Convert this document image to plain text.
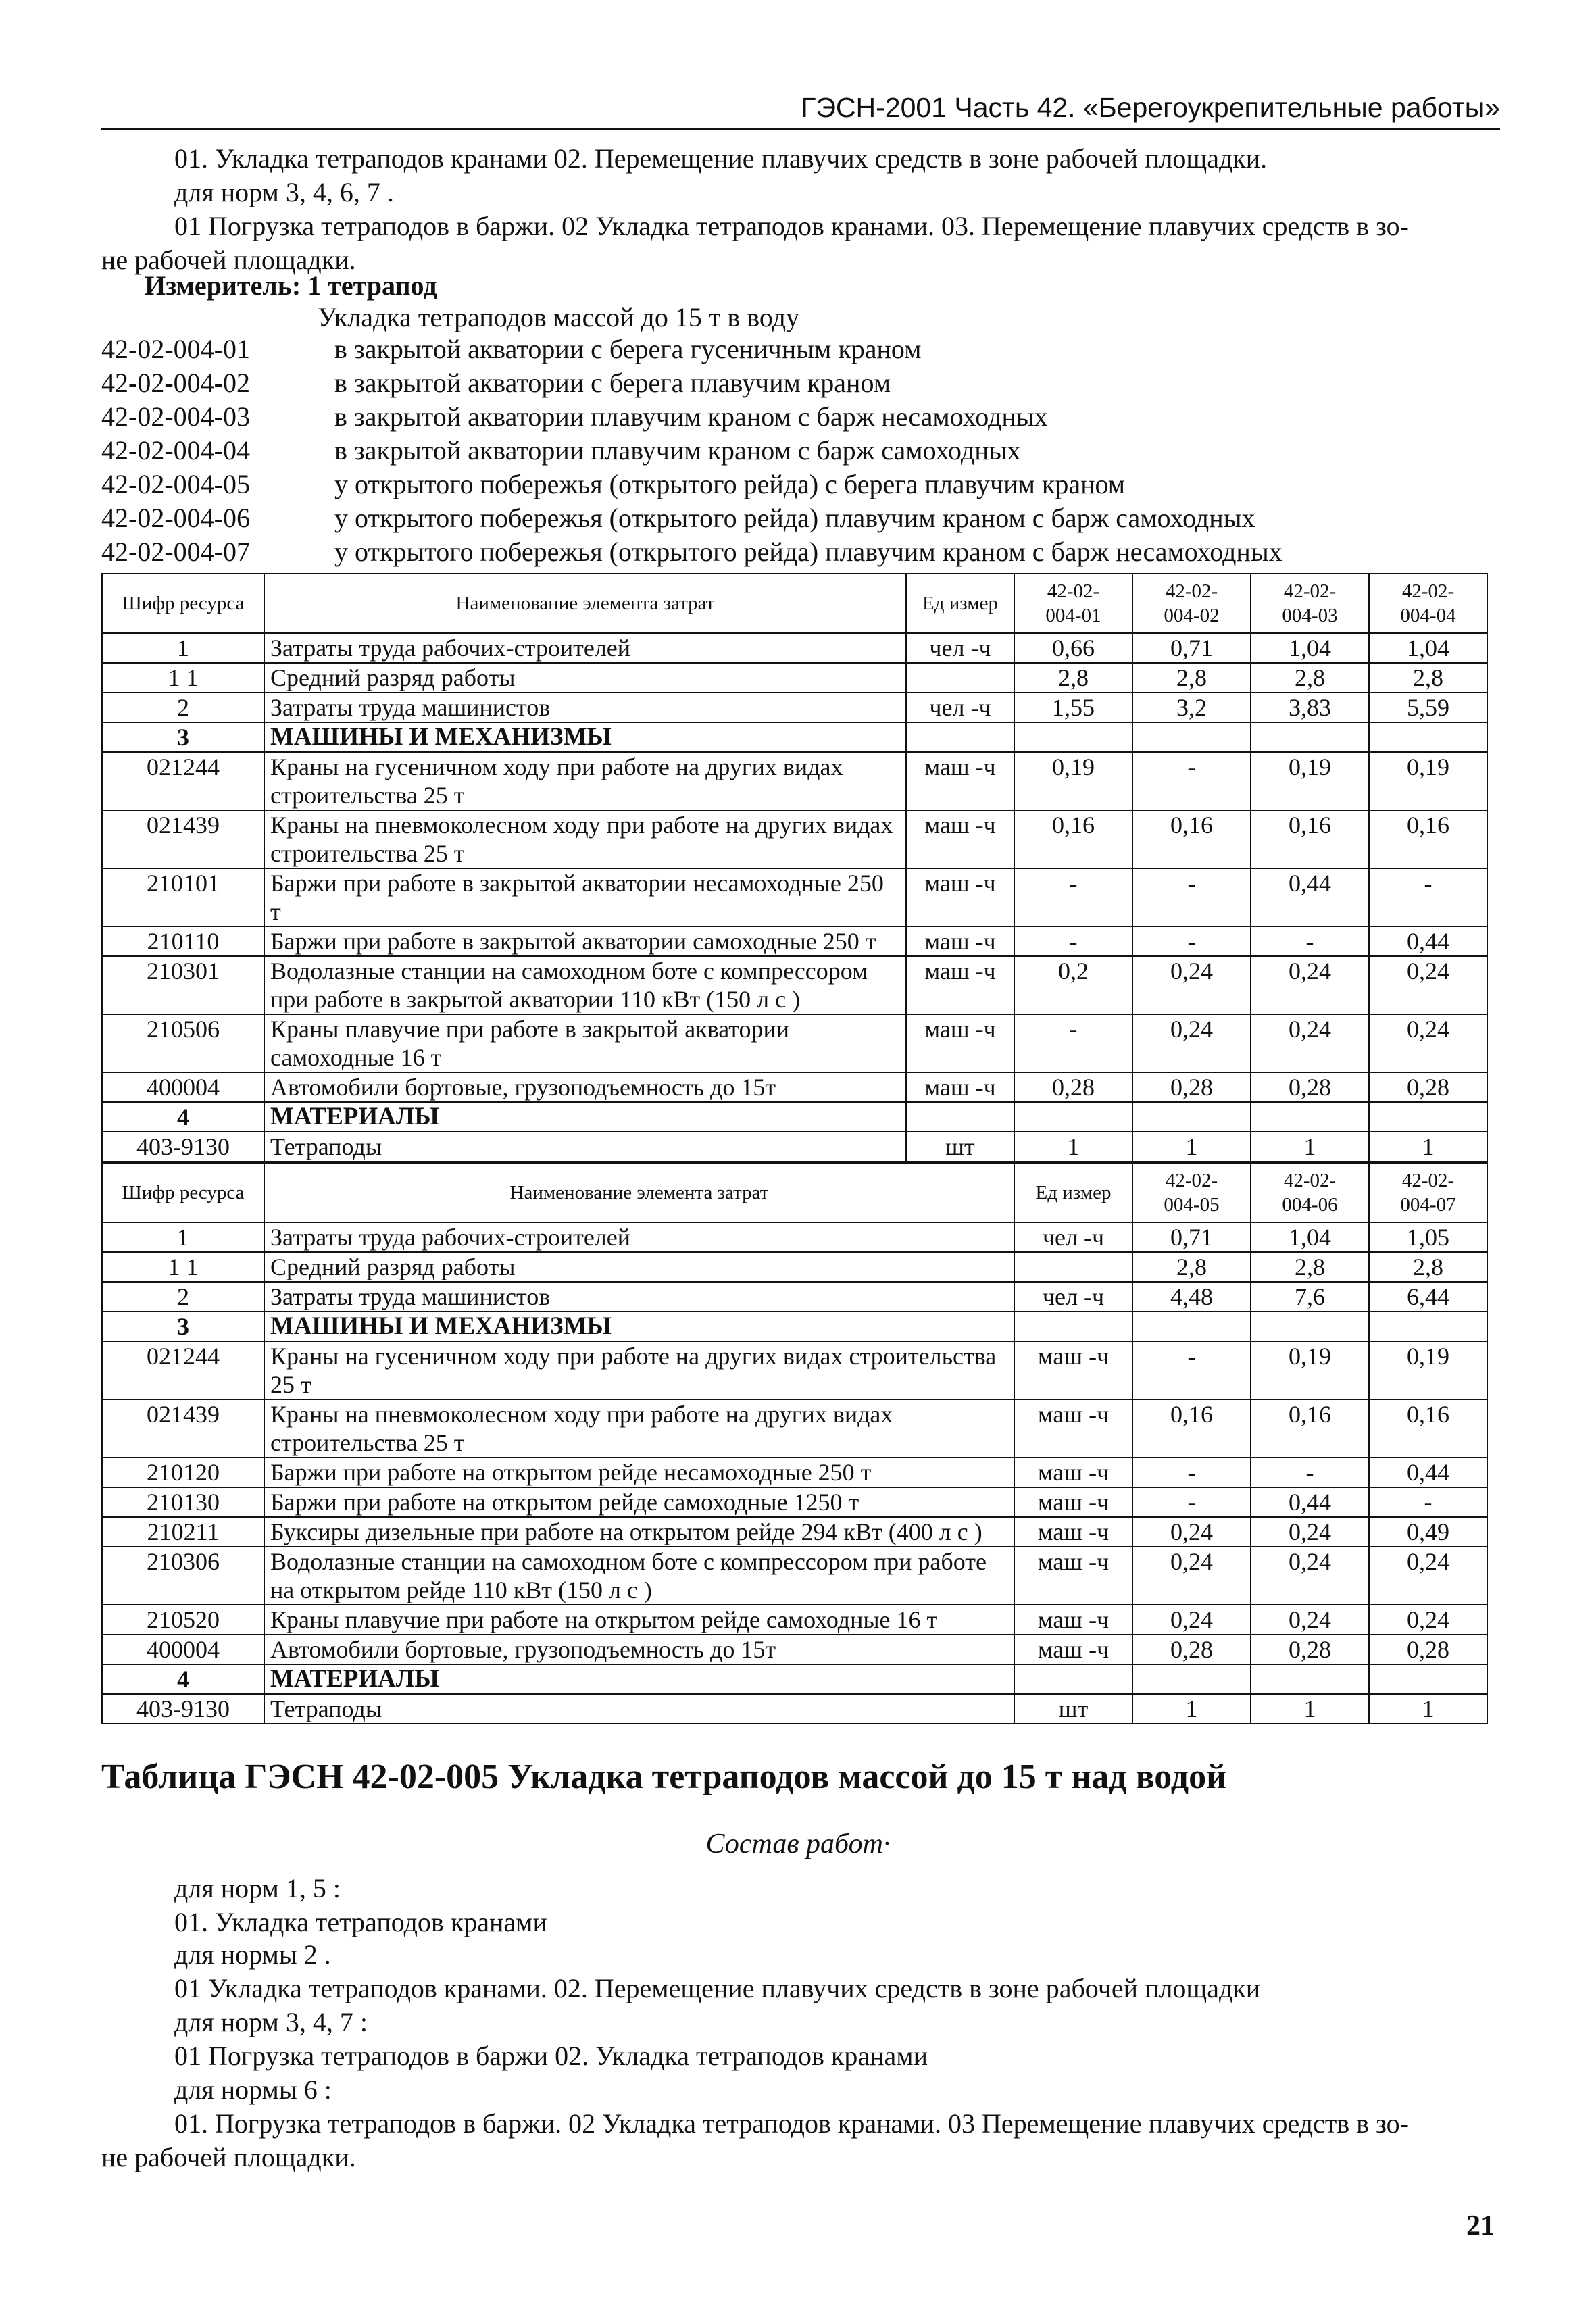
ГЭСН-2001 Часть 42. «Берегоукрепительные работы»
01. Укладка тетраподов кранами 02. Перемещение плавучих средств в зоне рабочей площадки.
для норм 3, 4, 6, 7 .
01 Погрузка тетраподов в баржи. 02 Укладка тетраподов кранами. 03. Перемещение плавучих средств в зо-
не рабочей площадки.
Измеритель: 1 тетрапод
Укладка тетраподов массой до 15 т в воду
42-02-004-01	в закрытой акватории с берега гусеничным краном
42-02-004-02	в закрытой акватории с берега плавучим краном
42-02-004-03	в закрытой акватории плавучим краном с барж несамоходных
42-02-004-04	в закрытой акватории плавучим краном с барж самоходных
42-02-004-05	у открытого побережья (открытого рейда) с берега плавучим краном
42-02-004-06	у открытого побережья (открытого рейда) плавучим краном с барж самоходных
42-02-004-07	у открытого побережья (открытого рейда) плавучим краном с барж несамоходных
Шифр ресурса	Наименование элемента затрат	Ед измер	42-02-
004-01	42-02-
004-02	42-02-
004-03	42-02-
004-04
1	Затраты труда рабочих-строителей	чел -ч	0,66	0,71	1,04	1,04
1 1	Средний разряд работы		2,8	2,8	2,8	2,8
2	Затраты труда машинистов	чел -ч	1,55	3,2	3,83	5,59
3	МАШИНЫ И МЕХАНИЗМЫ					
021244	Краны на гусеничном ходу при работе на других видах строительства 25 т	маш -ч	0,19	-	0,19	0,19
021439	Краны на пневмоколесном ходу при работе на других видах строительства 25 т	маш -ч	0,16	0,16	0,16	0,16
210101	Баржи при работе в закрытой акватории несамоходные 250 т	маш -ч	-	-	0,44	-
210110	Баржи при работе в закрытой акватории самоходные 250 т	маш -ч	-	-	-	0,44
210301	Водолазные станции на самоходном боте с компрессором при работе в закрытой акватории 110 кВт (150 л с )	маш -ч	0,2	0,24	0,24	0,24
210506	Краны плавучие при работе в закрытой акватории самоходные 16 т	маш -ч	-	0,24	0,24	0,24
400004	Автомобили бортовые, грузоподъемность до 15т	маш -ч	0,28	0,28	0,28	0,28
4	МАТЕРИАЛЫ					
403-9130	Тетраподы	шт	1	1	1	1
Шифр ресурса	Наименование элемента затрат	Ед измер	42-02-
004-05	42-02-
004-06	42-02-
004-07
1	Затраты труда рабочих-строителей	чел -ч	0,71	1,04	1,05
1 1	Средний разряд работы		2,8	2,8	2,8
2	Затраты труда машинистов	чел -ч	4,48	7,6	6,44
3	МАШИНЫ И МЕХАНИЗМЫ				
021244	Краны на гусеничном ходу при работе на других видах строительства 25 т	маш -ч	-	0,19	0,19
021439	Краны на пневмоколесном ходу при работе на других видах строительства 25 т	маш -ч	0,16	0,16	0,16
210120	Баржи при работе на открытом рейде несамоходные 250 т	маш -ч	-	-	0,44
210130	Баржи при работе на открытом рейде самоходные 1250 т	маш -ч	-	0,44	-
210211	Буксиры дизельные при работе на открытом рейде 294 кВт (400 л с )	маш -ч	0,24	0,24	0,49
210306	Водолазные станции на самоходном боте с компрессором при работе на открытом рейде 110 кВт (150 л с )	маш -ч	0,24	0,24	0,24
210520	Краны плавучие при работе на открытом рейде самоходные 16 т	маш -ч	0,24	0,24	0,24
400004	Автомобили бортовые, грузоподъемность до 15т	маш -ч	0,28	0,28	0,28
4	МАТЕРИАЛЫ				
403-9130	Тетраподы	шт	1	1	1
Таблица ГЭСН 42-02-005 Укладка тетраподов массой до 15 т над водой
Состав работ·
для норм 1, 5 :
01. Укладка тетраподов кранами
для нормы 2 .
01 Укладка тетраподов кранами. 02. Перемещение плавучих средств в зоне рабочей площадки
для норм 3, 4, 7 :
01 Погрузка тетраподов в баржи 02. Укладка тетраподов кранами
для нормы 6 :
01. Погрузка тетраподов в баржи. 02 Укладка тетраподов кранами. 03 Перемещение плавучих средств в зо-
не рабочей площадки.
21
